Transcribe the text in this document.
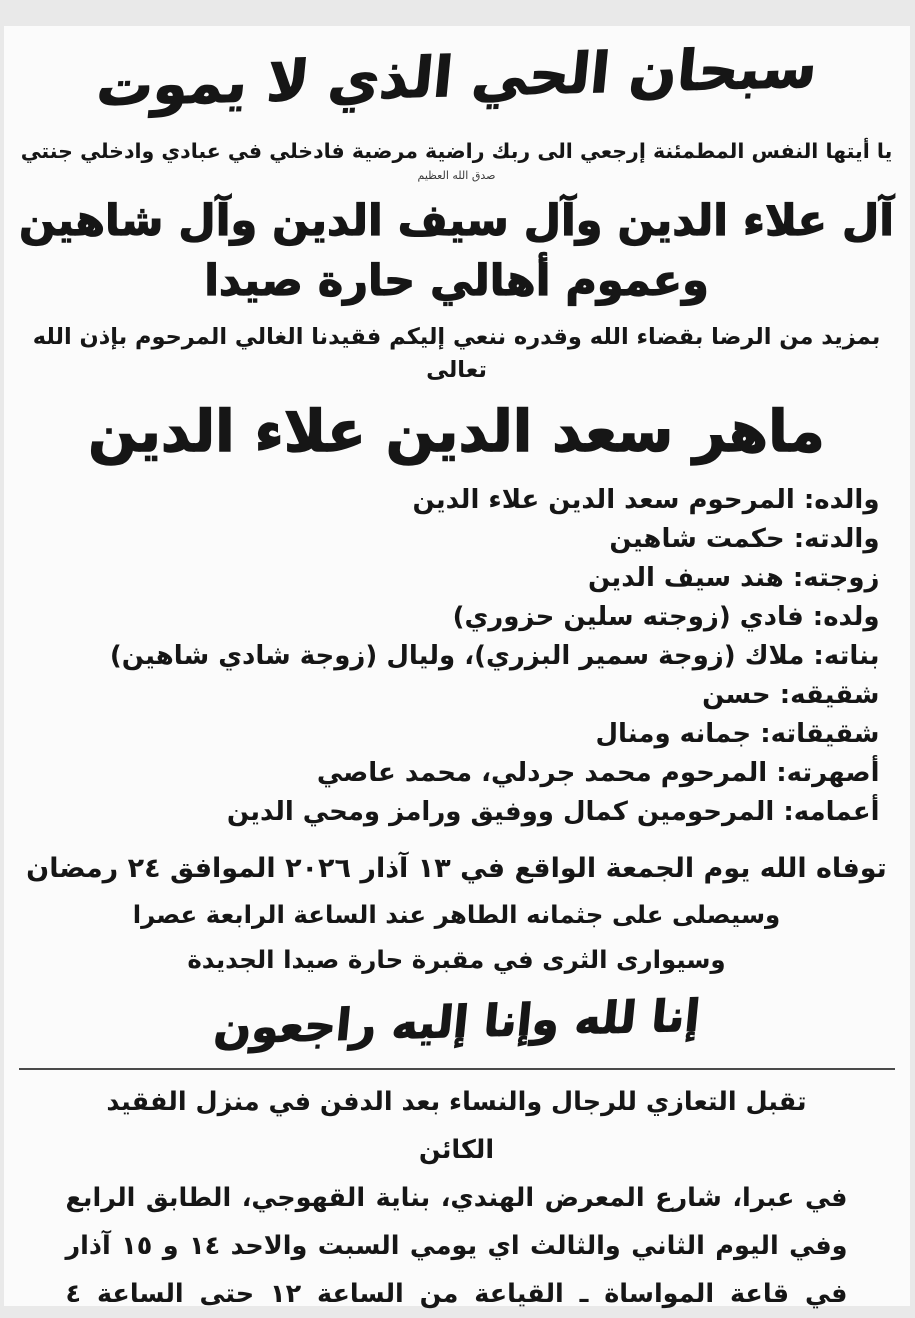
سبحان الحي الذي لا يموت
يا أيتها النفس المطمئنة إرجعي الى ربك راضية مرضية فادخلي في عبادي وادخلي جنتي
صدق الله العظيم
آل علاء الدين وآل سيف الدين وآل شاهين
وعموم أهالي حارة صيدا
بمزيد من الرضا بقضاء الله وقدره ننعي إليكم فقيدنا الغالي المرحوم بإذن الله تعالى
ماهر سعد الدين علاء الدين
والده: المرحوم سعد الدين علاء الدين
والدته: حكمت شاهين
زوجته: هند سيف الدين
ولده: فادي (زوجته سلين حزوري)
بناته: ملاك (زوجة سمير البزري)، وليال (زوجة شادي شاهين)
شقيقه: حسن
شقيقاته: جمانه ومنال
أصهرته: المرحوم محمد جردلي، محمد عاصي
أعمامه: المرحومين كمال ووفيق ورامز ومحي الدين
توفاه الله يوم الجمعة الواقع في ١٣ آذار ٢٠٢٦ الموافق ٢٤ رمضان
وسيصلى على جثمانه الطاهر عند الساعة الرابعة عصرا
وسيوارى الثرى في مقبرة حارة صيدا الجديدة
إنا لله وإنا إليه راجعون
تقبل التعازي للرجال والنساء بعد الدفن في منزل الفقيد الكائن
في عبرا، شارع المعرض الهندي، بناية القهوجي، الطابق الرابع
وفي اليوم الثاني والثالث اي يومي السبت والاحد ١٤ و ١٥ آذار
في قاعة المواساة ـ القياعة من الساعة ١٢ حتى الساعة ٤
